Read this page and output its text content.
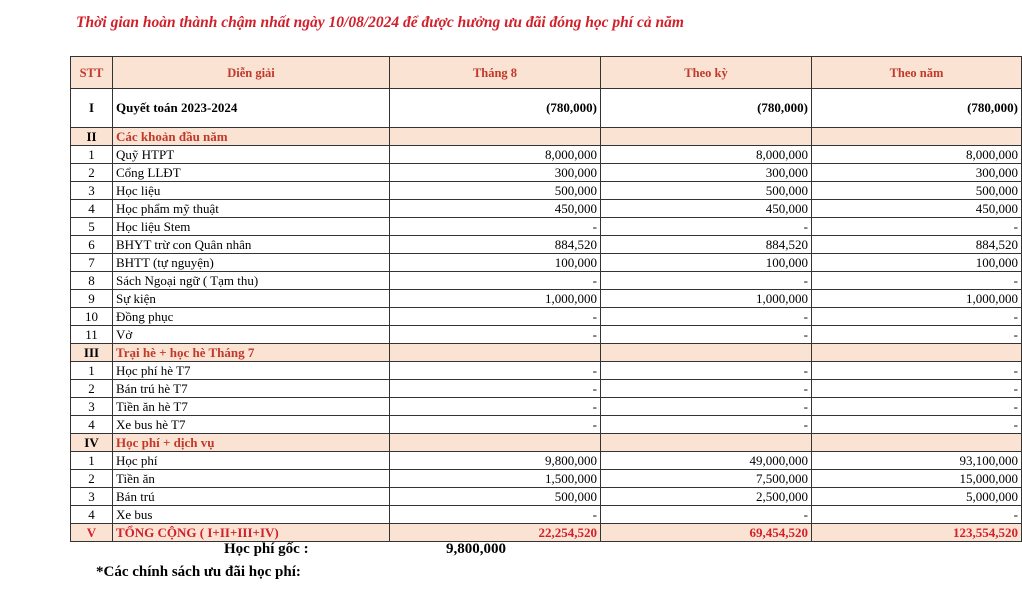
Thời gian hoàn thành chậm nhất ngày 10/08/2024 để được hưởng ưu đãi đóng học phí cả năm
STT	Diễn giải	Tháng 8	Theo kỳ	Theo năm
I	Quyết toán 2023-2024	(780,000)	(780,000)	(780,000)
II	Các khoản đầu năm			
1	Quỹ HTPT	8,000,000	8,000,000	8,000,000
2	Cổng LLĐT	300,000	300,000	300,000
3	Học liệu	500,000	500,000	500,000
4	Học phẩm mỹ thuật	450,000	450,000	450,000
5	Học liệu Stem	-	-	-
6	BHYT trừ con Quân nhân	884,520	884,520	884,520
7	BHTT (tự nguyện)	100,000	100,000	100,000
8	Sách Ngoại ngữ ( Tạm thu)	-	-	-
9	Sự kiện	1,000,000	1,000,000	1,000,000
10	Đồng phục	-	-	-
11	Vở	-	-	-
III	Trại hè + học hè Tháng 7			
1	Học phí hè T7	-	-	-
2	Bán trú hè T7	-	-	-
3	Tiền ăn hè T7	-	-	-
4	Xe bus hè T7	-	-	-
IV	Học phí + dịch vụ			
1	Học phí	9,800,000	49,000,000	93,100,000
2	Tiền ăn	1,500,000	7,500,000	15,000,000
3	Bán trú	500,000	2,500,000	5,000,000
4	Xe bus	-	-	-
V	TỔNG CỘNG ( I+II+III+IV)	22,254,520	69,454,520	123,554,520
Học phí gốc :	9,800,000
*Các chính sách ưu đãi học phí:
